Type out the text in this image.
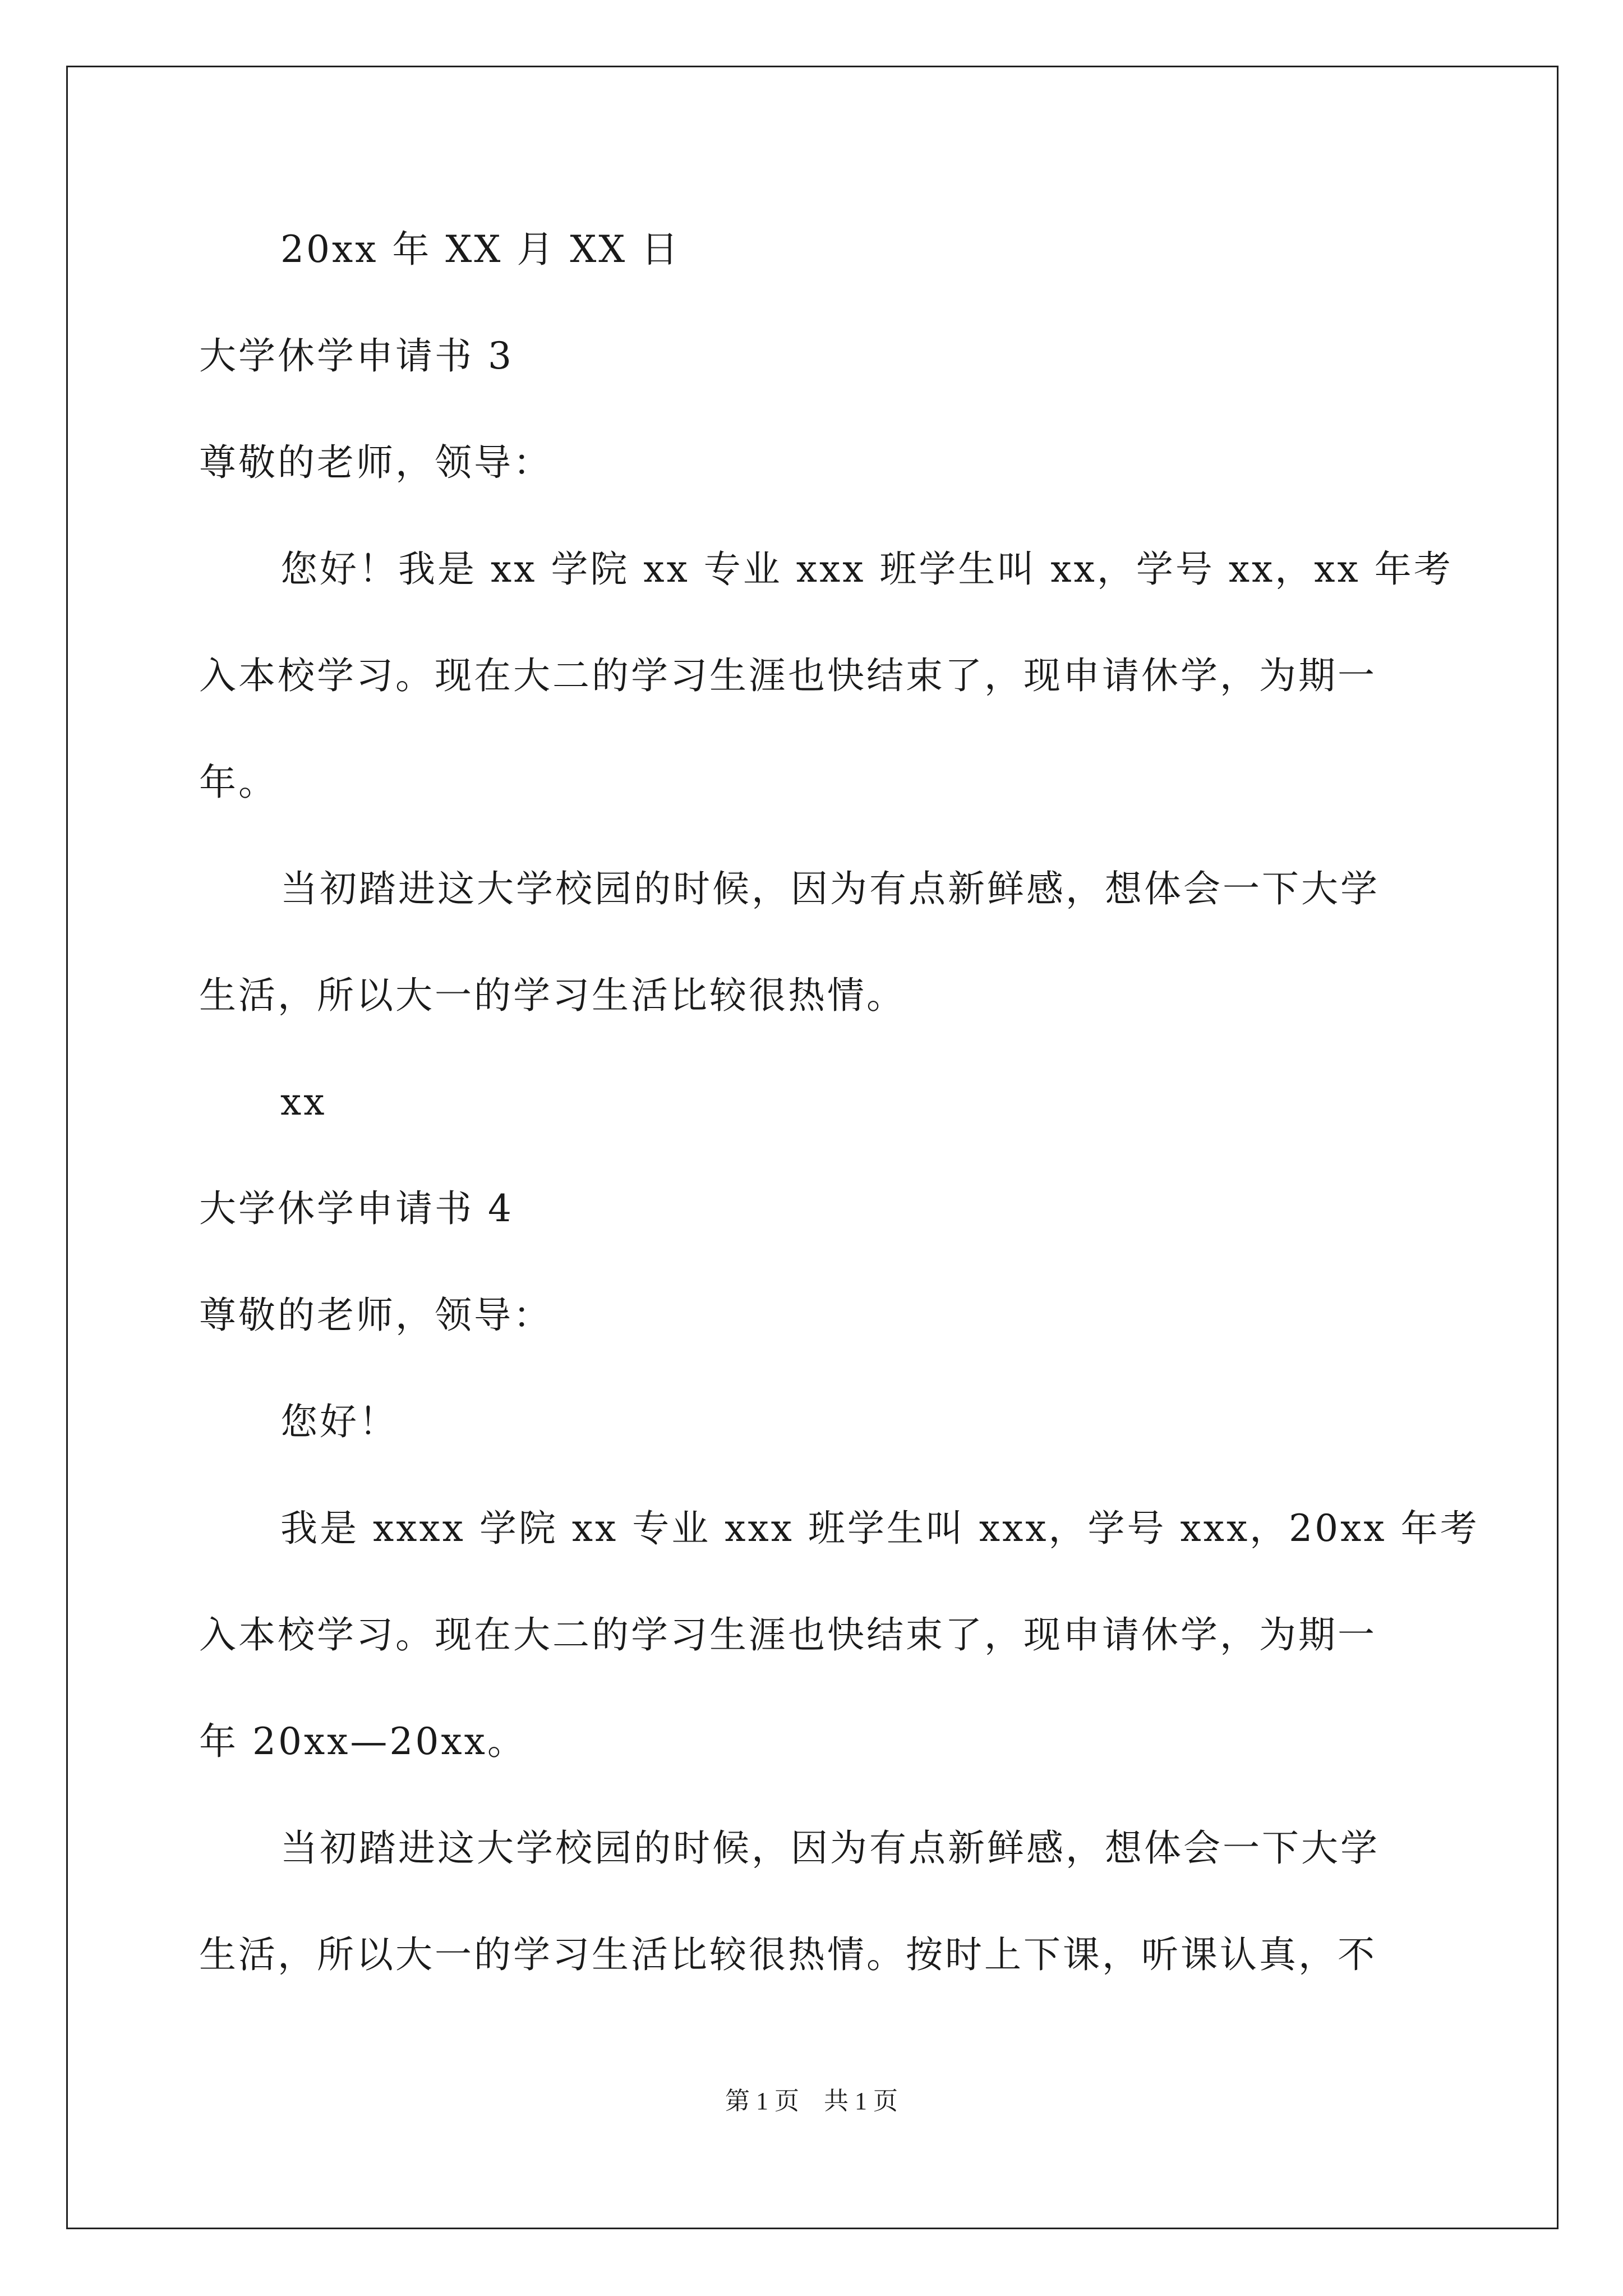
20xx 年 XX 月 XX 日
大学休学申请书 3
尊敬的老师，领导：
您好！我是 xx 学院 xx 专业 xxx 班学生叫 xx，学号 xx，xx 年考
入本校学习。现在大二的学习生涯也快结束了，现申请休学，为期一
年。
当初踏进这大学校园的时候，因为有点新鲜感，想体会一下大学
生活，所以大一的学习生活比较很热情。
xx
大学休学申请书 4
尊敬的老师，领导：
您好！
我是 xxxx 学院 xx 专业 xxx 班学生叫 xxx，学号 xxx，20xx 年考
入本校学习。现在大二的学习生涯也快结束了，现申请休学，为期一
年 20xx—20xx。
当初踏进这大学校园的时候，因为有点新鲜感，想体会一下大学
生活，所以大一的学习生活比较很热情。按时上下课，听课认真，不
第 1 页　共 1 页
